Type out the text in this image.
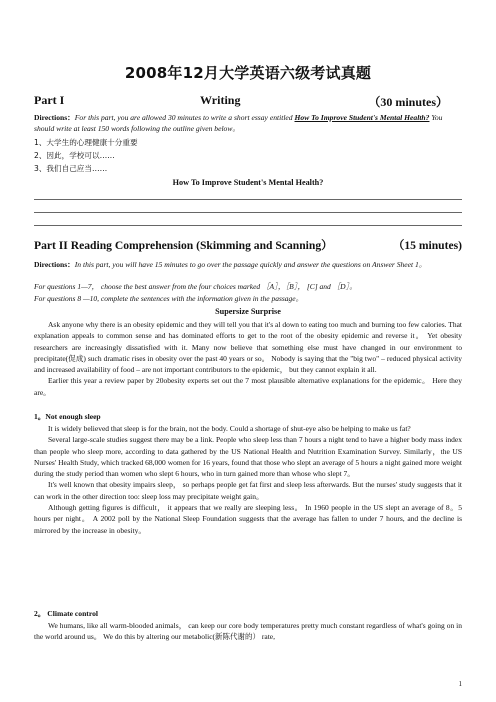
2008年12月大学英语六级考试真题
Part I	Writing	（30 minutes）
Directions：For this part, you are allowed 30 minutes to write a short essay entitled How To Improve Student's Mental Health? You should write at least 150 words following the outline given below。
1、大学生的心理健康十分重要
2、因此，学校可以……
3、我们自己应当……
How To Improve Student's Mental Health?
Part II Reading Comprehension (Skimming and Scanning）	（15 minutes)
Directions：In this part, you will have 15 minutes to go over the passage quickly and answer the questions on Answer Sheet 1。
For questions 1—7， choose the best answer from the four choices marked ［A］，［B］， [C] and ［D］。
For questions 8 —10, complete the sentences with the information given in the passage。
Supersize Surprise

Ask anyone why there is an obesity epidemic and they will tell you that it's al down to eating too much and burning too few calories. That explanation appeals to common sense and has dominated efforts to get to the root of the obesity epidemic and reverse it。 Yet obesity researchers are increasingly dissatisfied with it. Many now believe that something else must have changed in our environment to precipitate(促成) such dramatic rises in obesity over the past 40 years or so。 Nobody is saying that the "big two" – reduced physical activity and increased availability of food – are not important contributors to the epidemic， but they cannot explain it all.

Earlier this year a review paper by 20obesity experts set out the 7 most plausible alternative explanations for the epidemic。 Here they are。

1。Not enough sleep

It is widely believed that sleep is for the brain, not the body. Could a shortage of shut-eye also be helping to make us fat?

Several large-scale studies suggest there may be a link. People who sleep less than 7 hours a night tend to have a higher body mass index than people who sleep more, according to data gathered by the US National Health and Nutrition Examination Survey. Similarly，the US Nurses' Health Study, which tracked 68,000 women for 16 years, found that those who slept an average of 5 hours a night gained more weight during the study period than women who slept 6 hours, who in turn gained more than whose who slept 7。

It's well known that obesity impairs sleep， so perhaps people get fat first and sleep less afterwards. But the nurses' study suggests that it can work in the other direction too: sleep loss may precipitate weight gain。

Although getting figures is difficult， it appears that we really are sleeping less。 In 1960 people in the US slept an average of 8。5 hours per night。 A 2002 poll by the National Sleep Foundation suggests that the average has fallen to under 7 hours, and the decline is mirrored by the increase in obesity。

2。 Climate control

We humans, like all warm-blooded animals， can keep our core body temperatures pretty much constant regardless of what's going on in the world around us。 We do this by altering our metabolic(新陈代谢的） rate,

1
